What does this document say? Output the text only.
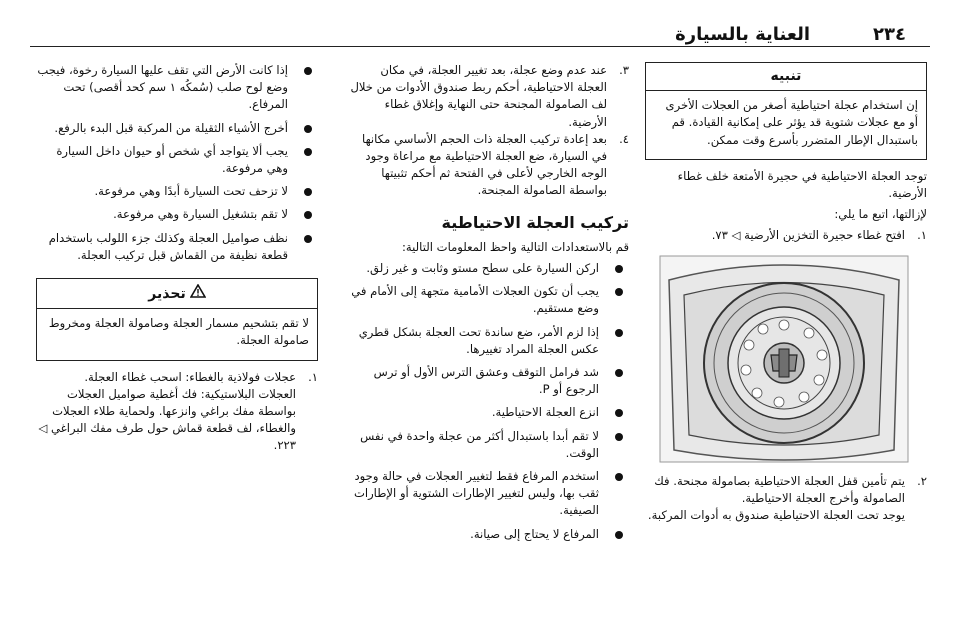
٢٣٤
العناية بالسيارة
تنبيه
إن استخدام عجلة احتياطية أصغر من العجلات الأخرى أو مع عجلات شتوية قد يؤثر على إمكانية القيادة. قم باستبدال الإطار المتضرر بأسرع وقت ممكن.

توجد العجلة الاحتياطية في حجيرة الأمتعة خلف غطاء الأرضية.

لإزالتها، اتبع ما يلي:

١.
افتح غطاء حجيرة التخزين الأرضية ◁ ٧٣.
٢.
يتم تأمين قفل العجلة الاحتياطية بصامولة مجنحة. فك الصامولة وأخرج العجلة الاحتياطية.

يوجد تحت العجلة الاحتياطية صندوق به أدوات المركبة.

٣.
عند عدم وضع عجلة، بعد تغيير العجلة، في مكان العجلة الاحتياطية، أحكم ربط صندوق الأدوات من خلال لف الصامولة المجنحة حتى النهاية وإغلاق غطاء الأرضية.
٤.
بعد إعادة تركيب العجلة ذات الحجم الأساسي مكانها في السيارة، ضع العجلة الاحتياطية مع مراعاة وجود الوجه الخارجي لأعلى في الفتحة ثم أحكم تثبيتها بواسطة الصامولة المجنحة.
تركيب العجلة الاحتياطية

قم بالاستعدادات التالية واحظ المعلومات التالية:

اركن السيارة على سطح مستو وثابت و غير زلق.
يجب أن تكون العجلات الأمامية متجهة إلى الأمام في وضع مستقيم.
إذا لزم الأمر، ضع ساندة تحت العجلة بشكل قطري عكس العجلة المراد تغييرها.
شد فرامل التوقف وعشق الترس الأول أو ترس الرجوع أو P.
انزع العجلة الاحتياطية.
لا تقم أبدا باستبدال أكثر من عجلة واحدة في نفس الوقت.
استخدم المرفاع فقط لتغيير العجلات في حالة وجود ثقب بها، وليس لتغيير الإطارات الشتوية أو الإطارات الصيفية.
المرفاع لا يحتاج إلى صيانة.
إذا كانت الأرض التي تقف عليها السيارة رخوة، فيجب وضع لوح صلب (سُمكُه ١ سم كحد أقصى) تحت المرفاع.
أخرج الأشياء الثقيلة من المركبة قبل البدء بالرفع.
يجب ألا يتواجد أي شخص أو حيوان داخل السيارة وهي مرفوعة.
لا تزحف تحت السيارة أبدًا وهي مرفوعة.
لا تقم بتشغيل السيارة وهي مرفوعة.
نظف صواميل العجلة وكذلك جزء اللولب باستخدام قطعة نظيفة من القماش قبل تركيب العجلة.
تحذير
لا تقم بتشحيم مسمار العجلة وصامولة العجلة ومخروط صامولة العجلة.
١.
عجلات فولاذية بالغطاء: اسحب غطاء العجلة.
العجلات البلاستيكية: فك أغطية صواميل العجلات بواسطة مفك براغي وانزعها. ولحماية طلاء العجلات والغطاء، لف قطعة قماش حول طرف مفك البراغي ◁ ٢٢٣.
